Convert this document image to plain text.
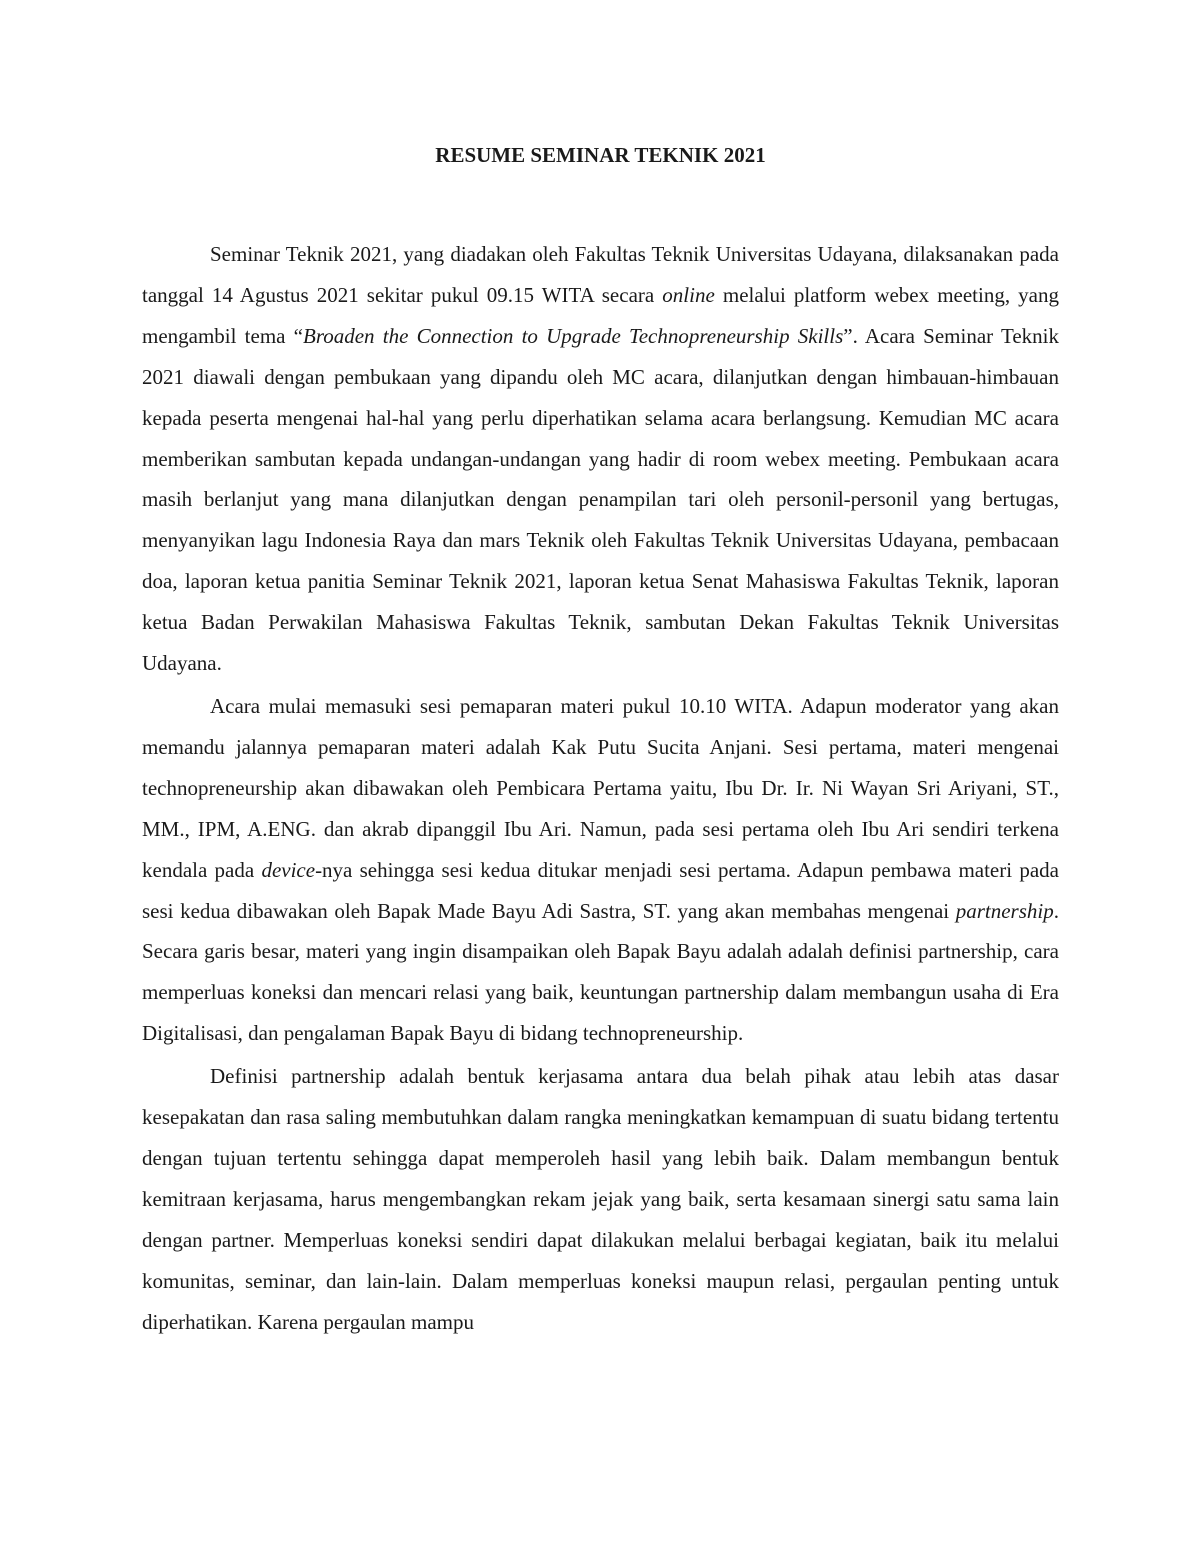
RESUME SEMINAR TEKNIK 2021

Seminar Teknik 2021, yang diadakan oleh Fakultas Teknik Universitas Udayana, dilaksanakan pada tanggal 14 Agustus 2021 sekitar pukul 09.15 WITA secara online melalui platform webex meeting, yang mengambil tema “Broaden the Connection to Upgrade Technopreneurship Skills”. Acara Seminar Teknik 2021 diawali dengan pembukaan yang dipandu oleh MC acara, dilanjutkan dengan himbauan-himbauan kepada peserta mengenai hal-hal yang perlu diperhatikan selama acara berlangsung. Kemudian MC acara memberikan sambutan kepada undangan-undangan yang hadir di room webex meeting. Pembukaan acara masih berlanjut yang mana dilanjutkan dengan penampilan tari oleh personil-personil yang bertugas, menyanyikan lagu Indonesia Raya dan mars Teknik oleh Fakultas Teknik Universitas Udayana, pembacaan doa, laporan ketua panitia Seminar Teknik 2021, laporan ketua Senat Mahasiswa Fakultas Teknik, laporan ketua Badan Perwakilan Mahasiswa Fakultas Teknik, sambutan Dekan Fakultas Teknik Universitas Udayana.

Acara mulai memasuki sesi pemaparan materi pukul 10.10 WITA. Adapun moderator yang akan memandu jalannya pemaparan materi adalah Kak Putu Sucita Anjani. Sesi pertama, materi mengenai technopreneurship akan dibawakan oleh Pembicara Pertama yaitu, Ibu Dr. Ir. Ni Wayan Sri Ariyani, ST., MM., IPM, A.ENG. dan akrab dipanggil Ibu Ari. Namun, pada sesi pertama oleh Ibu Ari sendiri terkena kendala pada device-nya sehingga sesi kedua ditukar menjadi sesi pertama. Adapun pembawa materi pada sesi kedua dibawakan oleh Bapak Made Bayu Adi Sastra, ST. yang akan membahas mengenai partnership. Secara garis besar, materi yang ingin disampaikan oleh Bapak Bayu adalah adalah definisi partnership, cara memperluas koneksi dan mencari relasi yang baik, keuntungan partnership dalam membangun usaha di Era Digitalisasi, dan pengalaman Bapak Bayu di bidang technopreneurship.

Definisi partnership adalah bentuk kerjasama antara dua belah pihak atau lebih atas dasar kesepakatan dan rasa saling membutuhkan dalam rangka meningkatkan kemampuan di suatu bidang tertentu dengan tujuan tertentu sehingga dapat memperoleh hasil yang lebih baik. Dalam membangun bentuk kemitraan kerjasama, harus mengembangkan rekam jejak yang baik, serta kesamaan sinergi satu sama lain dengan partner. Memperluas koneksi sendiri dapat dilakukan melalui berbagai kegiatan, baik itu melalui komunitas, seminar, dan lain-lain. Dalam memperluas koneksi maupun relasi, pergaulan penting untuk diperhatikan. Karena pergaulan mampu
